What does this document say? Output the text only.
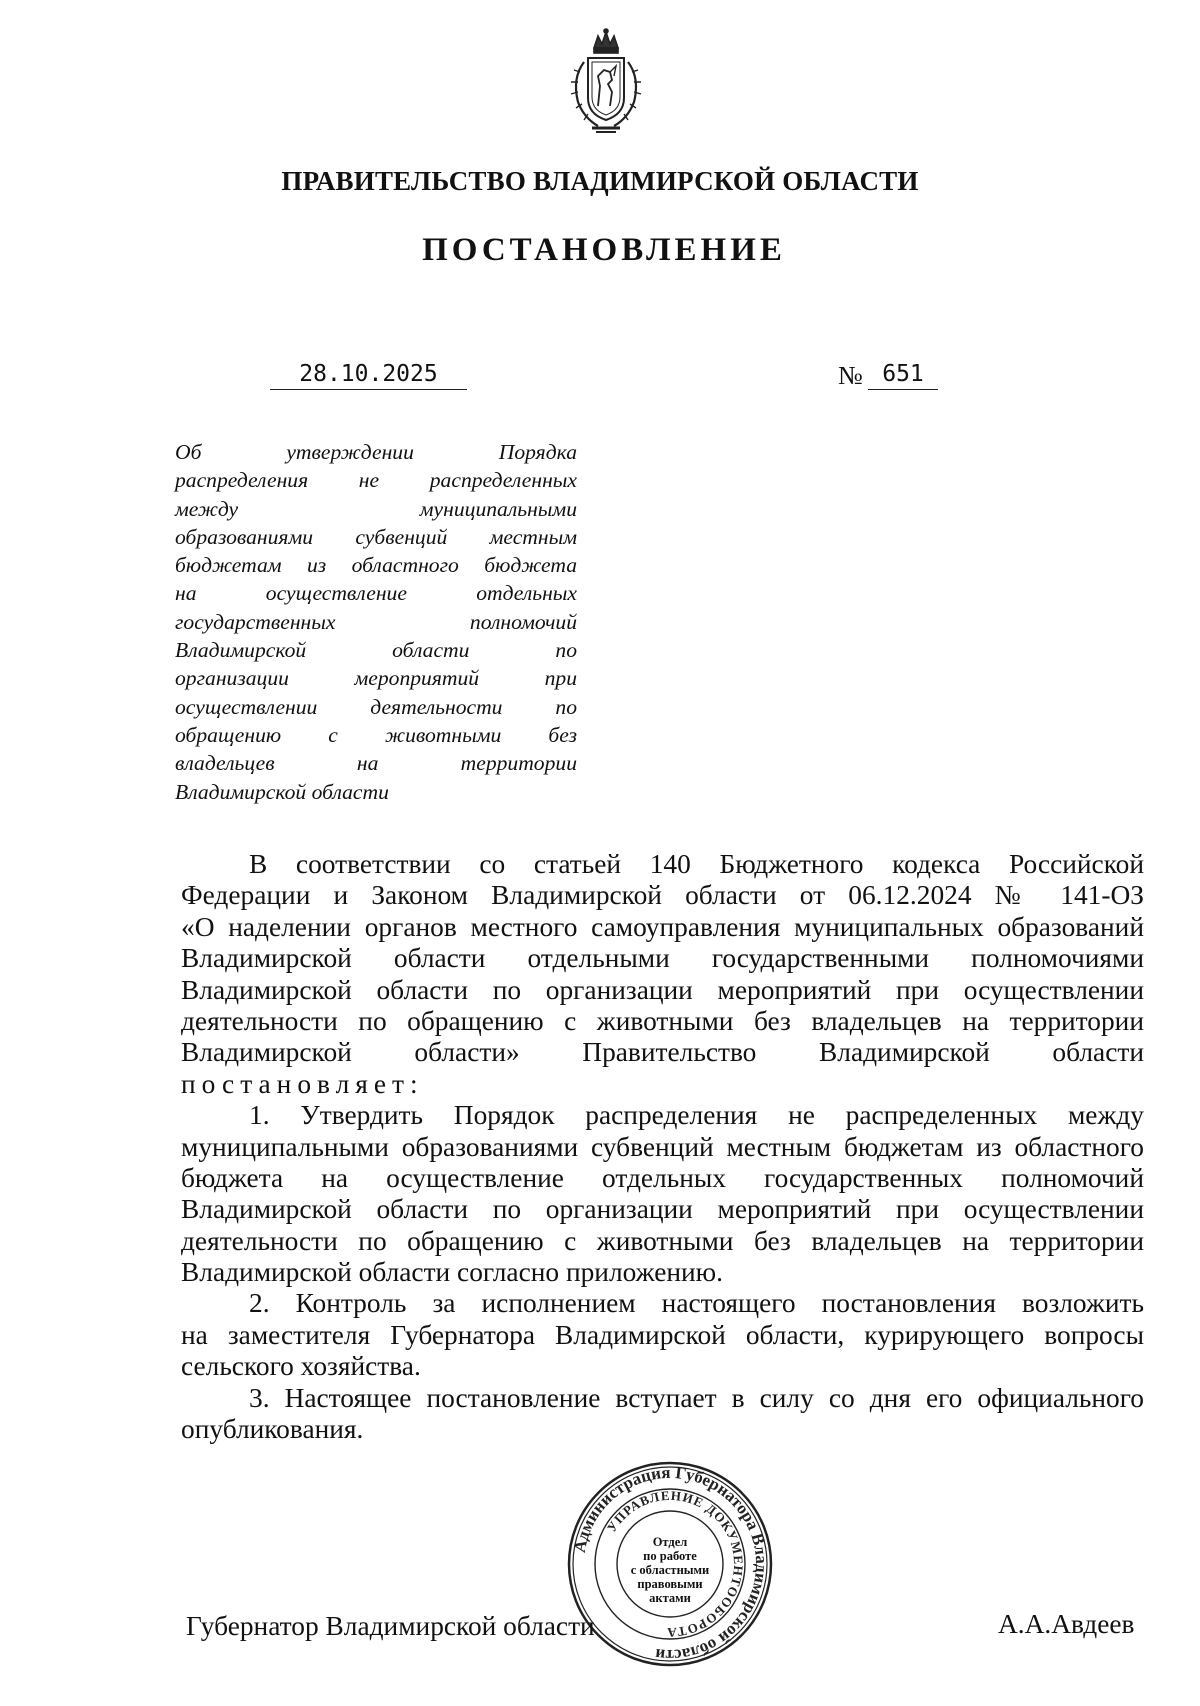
ПРАВИТЕЛЬСТВО ВЛАДИМИРСКОЙ ОБЛАСТИ
ПОСТАНОВЛЕНИЕ
28.10.2025	№ 651
Об утверждении Порядка
распределения не распределенных
между муниципальными
образованиями субвенций местным
бюджетам из областного бюджета
на осуществление отдельных
государственных полномочий
Владимирской области по
организации мероприятий при
осуществлении деятельности по
обращению с животными без
владельцев на территории
Владимирской области
В соответствии со статьей 140 Бюджетного кодекса Российской
Федерации и Законом Владимирской области от 06.12.2024 № 141-ОЗ
«О наделении органов местного самоуправления муниципальных образований
Владимирской области отдельными государственными полномочиями
Владимирской области по организации мероприятий при осуществлении
деятельности по обращению с животными без владельцев на территории
Владимирской области» Правительство Владимирской области
постановляет:
1. Утвердить Порядок распределения не распределенных между
муниципальными образованиями субвенций местным бюджетам из областного
бюджета на осуществление отдельных государственных полномочий
Владимирской области по организации мероприятий при осуществлении
деятельности по обращению с животными без владельцев на территории
Владимирской области согласно приложению.
2. Контроль за исполнением настоящего постановления возложить
на заместителя Губернатора Владимирской области, курирующего вопросы
сельского хозяйства.
3. Настоящее постановление вступает в силу со дня его официального
опубликования.
Администрация Губернатора Владимирской области
УПРАВЛЕНИЕ ДОКУМЕНТООБОРОТА
Отдел
по работе
с областными
правовыми
актами
Губернатор Владимирской области	А.А.Авдеев
